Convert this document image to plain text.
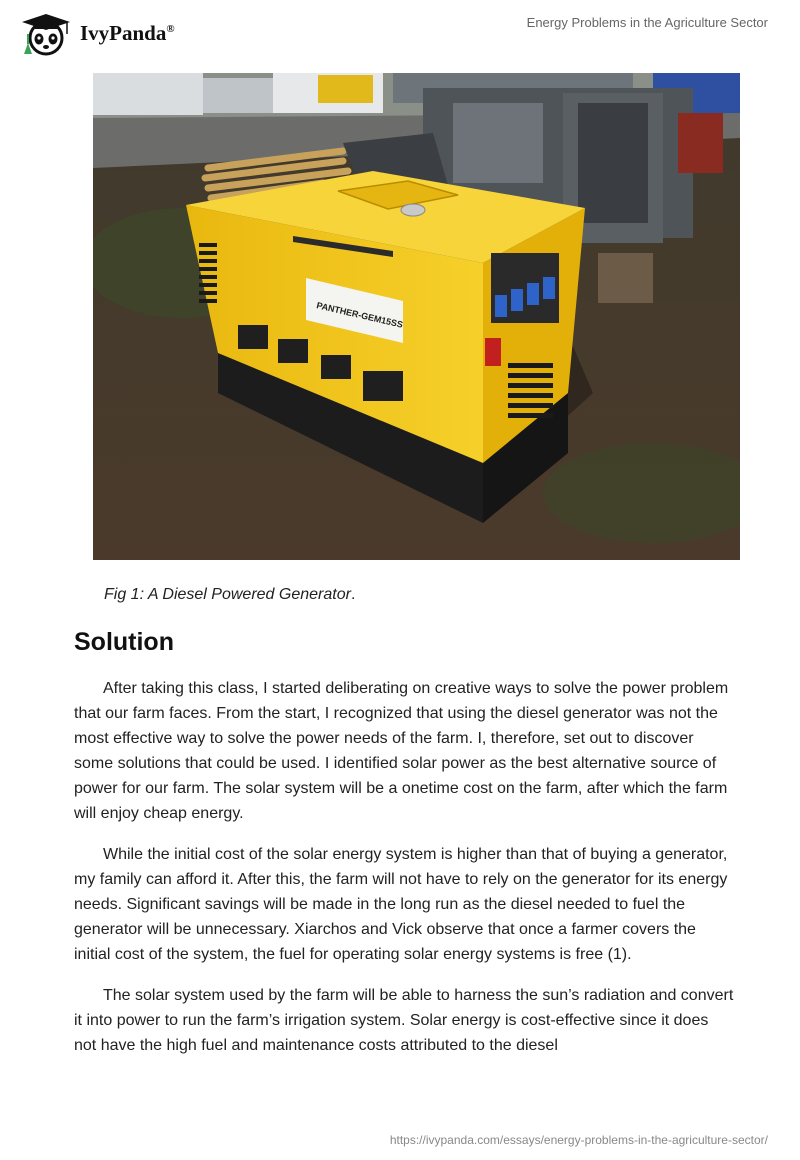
IvyPanda®	Energy Problems in the Agriculture Sector
PANTHER-GEM15SS
Fig 1: A Diesel Powered Generator.
Solution

After taking this class, I started deliberating on creative ways to solve the power problem that our farm faces. From the start, I recognized that using the diesel generator was not the most effective way to solve the power needs of the farm. I, therefore, set out to discover some solutions that could be used. I identified solar power as the best alternative source of power for our farm. The solar system will be a onetime cost on the farm, after which the farm will enjoy cheap energy.

While the initial cost of the solar energy system is higher than that of buying a generator, my family can afford it. After this, the farm will not have to rely on the generator for its energy needs. Significant savings will be made in the long run as the diesel needed to fuel the generator will be unnecessary. Xiarchos and Vick observe that once a farmer covers the initial cost of the system, the fuel for operating solar energy systems is free (1).

The solar system used by the farm will be able to harness the sun’s radiation and convert it into power to run the farm’s irrigation system. Solar energy is cost-effective since it does not have the high fuel and maintenance costs attributed to the diesel

https://ivypanda.com/essays/energy-problems-in-the-agriculture-sector/
